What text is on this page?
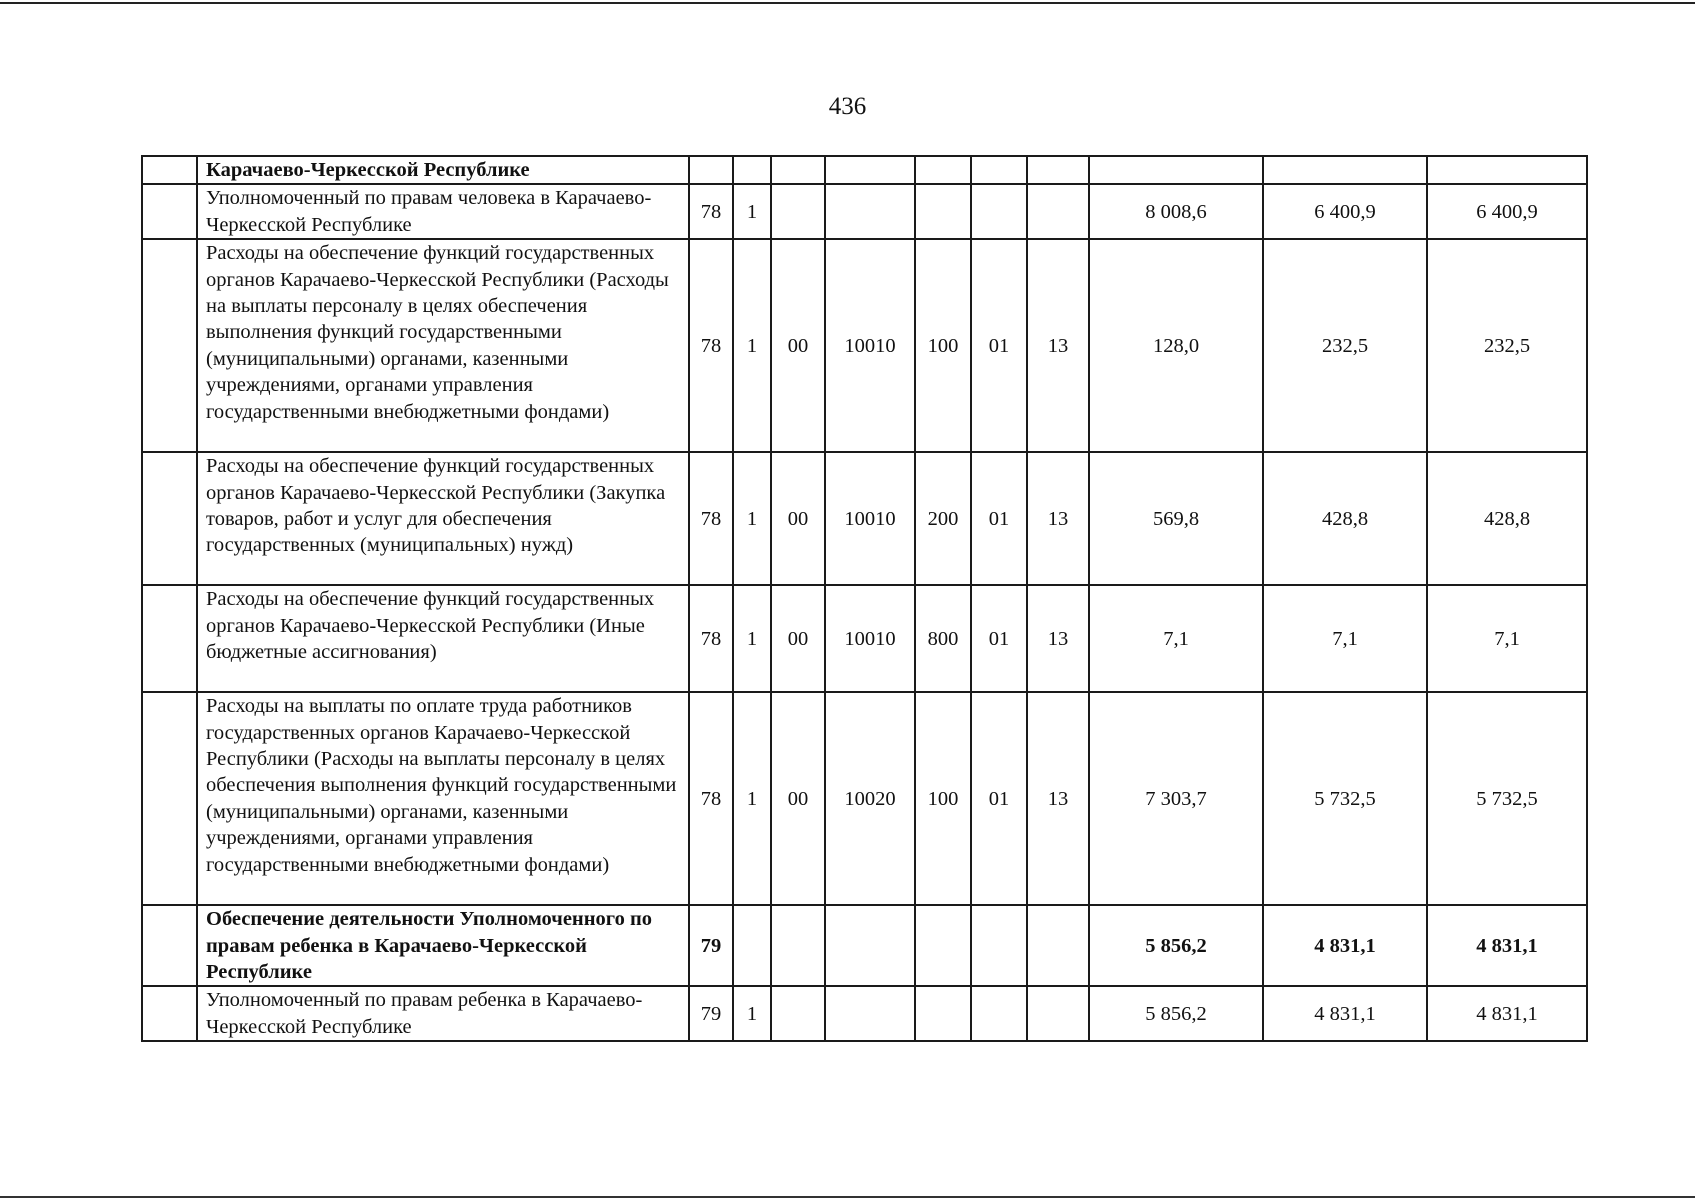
436
	Карачаево-Черкесской Республике										
	Уполномоченный по правам человека в Карачаево-Черкесской Республике	78	1						8 008,6	6 400,9	6 400,9
	Расходы на обеспечение функций государственных органов Карачаево-Черкесской Республики (Расходы на выплаты персоналу в целях обеспечения выполнения функций государственными (муниципальными) органами, казенными учреждениями, органами управления государственными внебюджетными фондами)	78	1	00	10010	100	01	13	128,0	232,5	232,5
	Расходы на обеспечение функций государственных органов Карачаево-Черкесской Республики (Закупка товаров, работ и услуг для обеспечения государственных (муниципальных) нужд)	78	1	00	10010	200	01	13	569,8	428,8	428,8
	Расходы на обеспечение функций государственных органов Карачаево-Черкесской Республики (Иные бюджетные ассигнования)	78	1	00	10010	800	01	13	7,1	7,1	7,1
	Расходы на выплаты по оплате труда работников государственных органов Карачаево-Черкесской Республики (Расходы на выплаты персоналу в целях обеспечения выполнения функций государственными (муниципальными) органами, казенными учреждениями, органами управления государственными внебюджетными фондами)	78	1	00	10020	100	01	13	7 303,7	5 732,5	5 732,5
	Обеспечение деятельности Уполномоченного по правам ребенка в Карачаево-Черкесской Республике	79							5 856,2	4 831,1	4 831,1
	Уполномоченный по правам ребенка в Карачаево-Черкесской Республике	79	1						5 856,2	4 831,1	4 831,1
